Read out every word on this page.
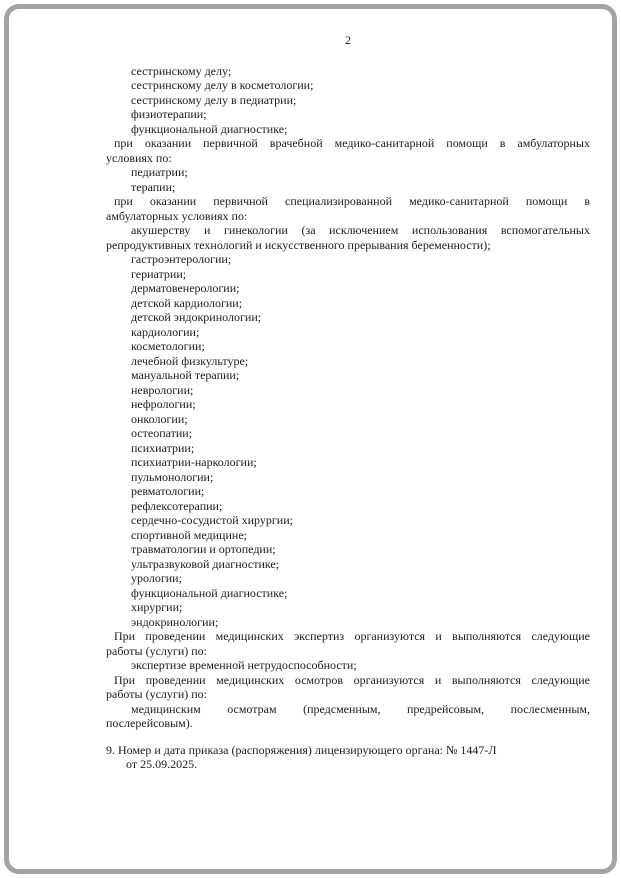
2
сестринскому делу;
сестринскому делу в косметологии;
сестринскому делу в педиатрии;
физиотерапии;
функциональной диагностике;
при оказании первичной врачебной медико-санитарной помощи в амбулаторных
условиях по:
педиатрии;
терапии;
при оказании первичной специализированной медико-санитарной помощи в
амбулаторных условиях по:
акушерству и гинекологии (за исключением использования вспомогательных
репродуктивных технологий и искусственного прерывания беременности);
гастроэнтерологии;
гериатрии;
дерматовенерологии;
детской кардиологии;
детской эндокринологии;
кардиологии;
косметологии;
лечебной физкультуре;
мануальной терапии;
неврологии;
нефрологии;
онкологии;
остеопатии;
психиатрии;
психиатрии-наркологии;
пульмонологии;
ревматологии;
рефлексотерапии;
сердечно-сосудистой хирургии;
спортивной медицине;
травматологии и ортопедии;
ультразвуковой диагностике;
урологии;
функциональной диагностике;
хирургии;
эндокринологии;
При проведении медицинских экспертиз организуются и выполняются следующие
работы (услуги) по:
экспертизе временной нетрудоспособности;
При проведении медицинских осмотров организуются и выполняются следующие
работы (услуги) по:
медицинским осмотрам (предсменным, предрейсовым, послесменным,
послерейсовым).
9. Номер и дата приказа (распоряжения) лицензирующего органа: № 1447-Л
от 25.09.2025.
